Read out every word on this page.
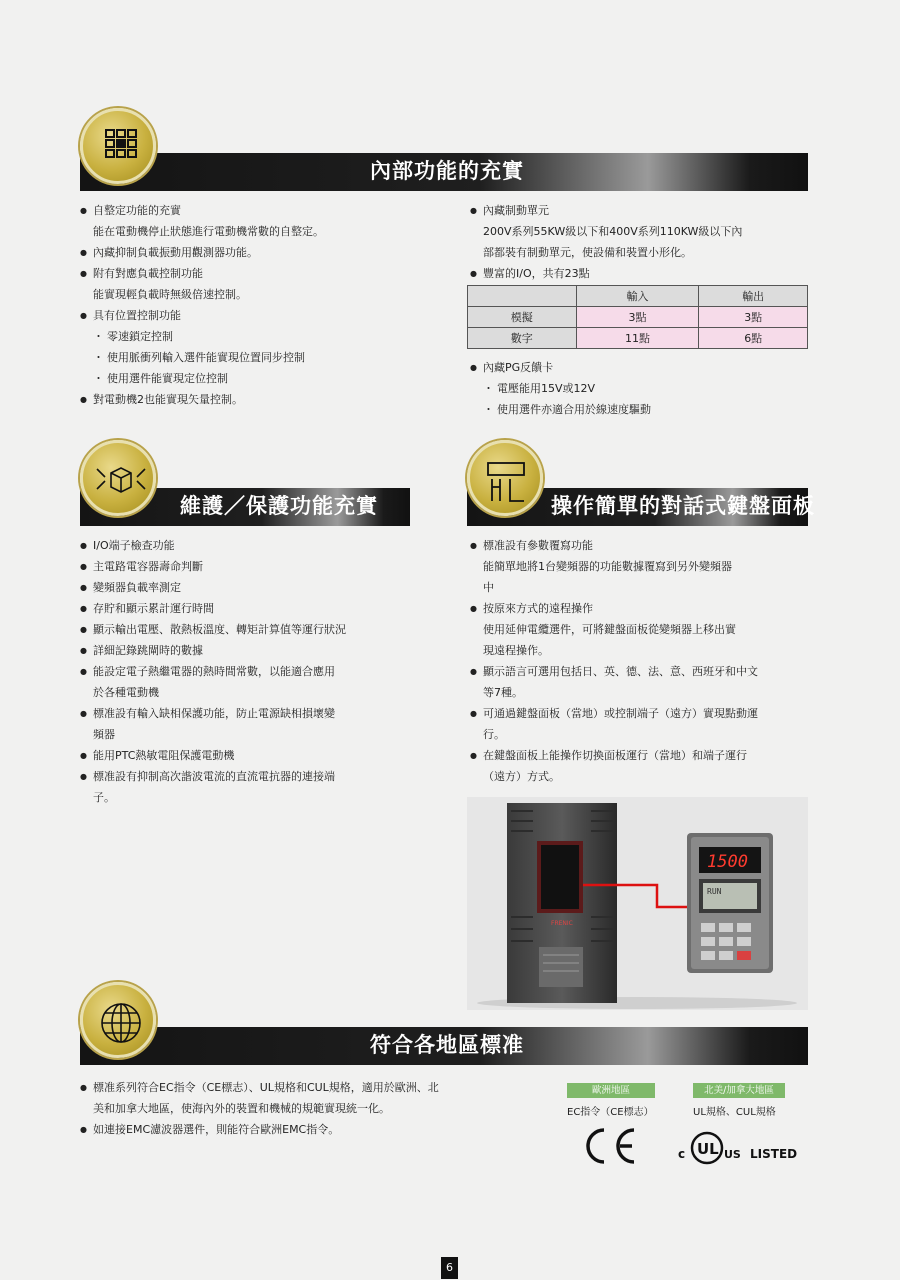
內部功能的充實
● 自整定功能的充實
能在電動機停止狀態進行電動機常數的自整定。
● 內藏抑制負載振動用觀測器功能。
● 附有對應負載控制功能
能實現輕負載時無級倍速控制。
● 具有位置控制功能
・ 零速鎖定控制
・ 使用脈衝列輸入選件能實現位置同步控制
・ 使用選件能實現定位控制
● 對電動機2也能實現矢量控制。
● 內藏制動單元
200V系列55KW級以下和400V系列110KW級以下內
部都裝有制動單元，使設備和裝置小形化。
● 豐富的I/O，共有23點
	輸入	輸出
模擬	3點	3點
數字	11點	6點
● 內藏PG反饋卡
・ 電壓能用15V或12V
・ 使用選件亦適合用於線速度驅動
維護／保護功能充實
● I/O端子檢查功能
● 主電路電容器壽命判斷
● 變頻器負載率測定
● 存貯和顯示累計運行時間
● 顯示輸出電壓、散熱板溫度、轉矩計算值等運行狀況
● 詳細記錄跳閘時的數據
● 能設定電子熱繼電器的熱時間常數，以能適合應用
於各種電動機
● 標准設有輸入缺相保護功能，防止電源缺相損壞變
頻器
● 能用PTC熱敏電阻保護電動機
● 標准設有抑制高次諧波電流的直流電抗器的連接端
子。
操作簡單的對話式鍵盤面板
● 標准設有參數覆寫功能
能簡單地將1台變頻器的功能數據覆寫到另外變頻器
中
● 按原來方式的遠程操作
使用延伸電纜選件，可將鍵盤面板從變頻器上移出實
現遠程操作。
● 顯示語言可選用包括日、英、德、法、意、西班牙和中文
等7種。
● 可通過鍵盤面板（當地）或控制端子（遠方）實現點動運
行。
● 在鍵盤面板上能操作切換面板運行（當地）和端子運行
（遠方）方式。
FRENIC
1500
RUN
符合各地區標准
● 標准系列符合EC指令（CE標志）、UL規格和CUL規格，適用於歐洲、北
美和加拿大地區，使海內外的裝置和機械的規範實現統一化。
● 如連接EMC濾波器選件，則能符合歐洲EMC指令。
歐洲地區
EC指令（CE標志）
北美/加拿大地區
UL規格、CUL規格
c UL US LISTED
6
